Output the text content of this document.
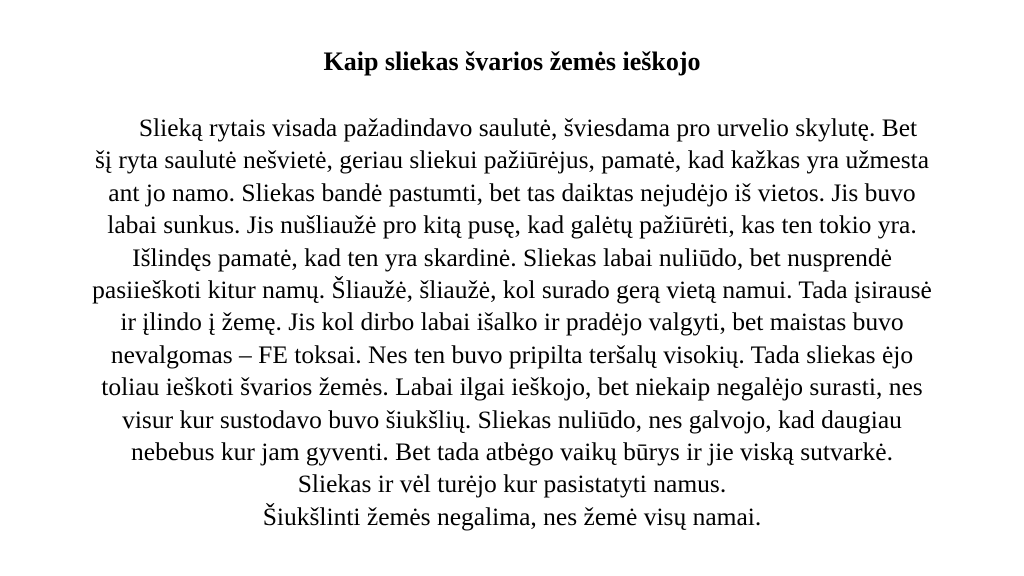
Kaip sliekas švarios žemės ieškojo
Slieką rytais visada pažadindavo saulutė, šviesdama pro urvelio skylutę. Bet
šį ryta saulutė nešvietė, geriau sliekui pažiūrėjus, pamatė, kad kažkas yra užmesta
ant jo namo. Sliekas bandė pastumti, bet tas daiktas nejudėjo iš vietos. Jis buvo
labai sunkus. Jis nušliaužė pro kitą pusę, kad galėtų pažiūrėti, kas ten tokio yra.
Išlindęs pamatė, kad ten yra skardinė. Sliekas labai nuliūdo, bet nusprendė
pasiieškoti kitur namų. Šliaužė, šliaužė, kol surado gerą vietą namui. Tada įsirausė
ir įlindo į žemę. Jis kol dirbo labai išalko ir pradėjo valgyti, bet maistas buvo
nevalgomas – FE toksai. Nes ten buvo pripilta teršalų visokių. Tada sliekas ėjo
toliau ieškoti švarios žemės. Labai ilgai ieškojo, bet niekaip negalėjo surasti, nes
visur kur sustodavo buvo šiukšlių. Sliekas nuliūdo, nes galvojo, kad daugiau
nebebus kur jam gyventi. Bet tada atbėgo vaikų būrys ir jie viską sutvarkė.
Sliekas ir vėl turėjo kur pasistatyti namus.
Šiukšlinti žemės negalima, nes žemė visų namai.
